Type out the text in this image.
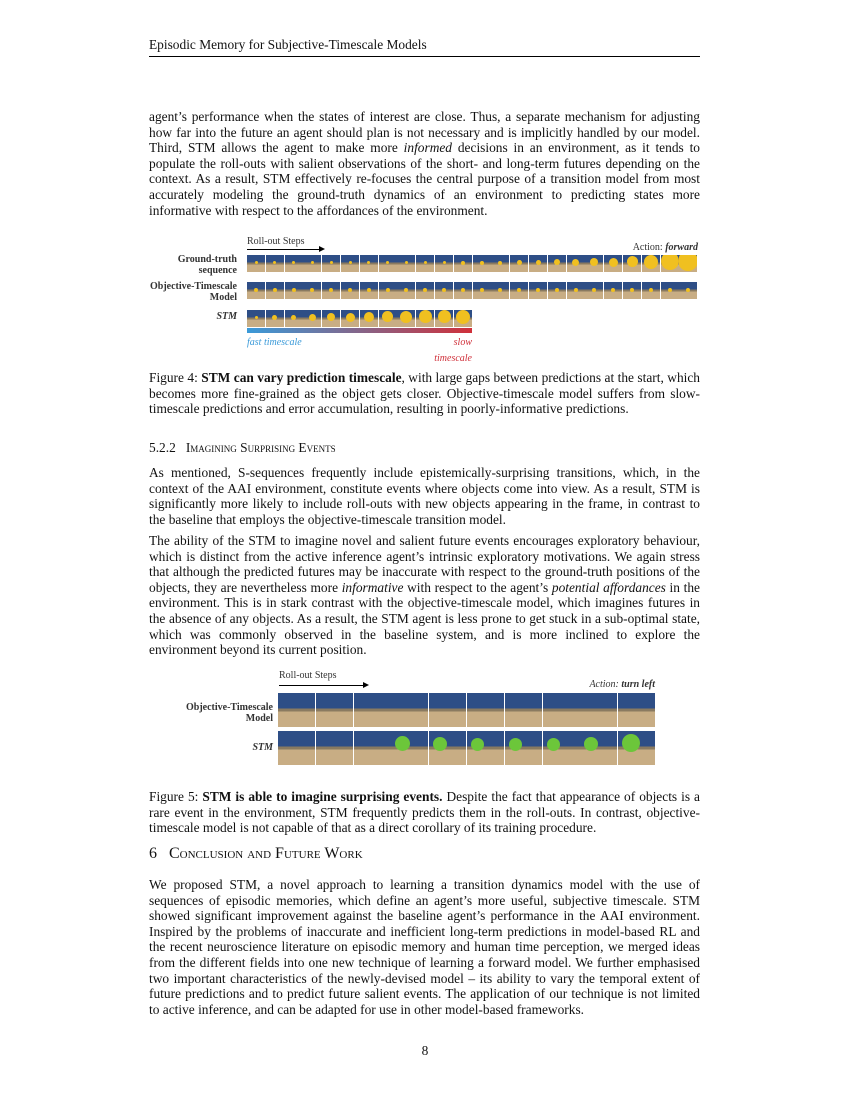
Episodic Memory for Subjective-Timescale Models

agent’s performance when the states of interest are close. Thus, a separate mechanism for adjusting how far into the future an agent should plan is not necessary and is implicitly handled by our model. Third, STM allows the agent to make more informed decisions in an environment, as it tends to populate the roll-outs with salient observations of the short- and long-term futures depending on the context. As a result, STM effectively re-focuses the central purpose of a transition model from most accurately modeling the ground-truth dynamics of an environment to predicting states more informative with respect to the affordances of the environment.

Roll-out Steps
Action: forward
Ground-truth sequence
Objective-Timescale Model
STM
fast timescale	slow timescale

Figure 4: STM can vary prediction timescale, with large gaps between predictions at the start, which becomes more fine-grained as the object gets closer. Objective-timescale model suffers from slow-timescale predictions and error accumulation, resulting in poorly-informative predictions.

5.2.2 Imagining Surprising Events

As mentioned, S-sequences frequently include epistemically-surprising transitions, which, in the context of the AAI environment, constitute events where objects come into view. As a result, STM is significantly more likely to include roll-outs with new objects appearing in the frame, in contrast to the baseline that employs the objective-timescale transition model.

The ability of the STM to imagine novel and salient future events encourages exploratory behaviour, which is distinct from the active inference agent’s intrinsic exploratory motivations. We again stress that although the predicted futures may be inaccurate with respect to the ground-truth positions of the objects, they are nevertheless more informative with respect to the agent’s potential affordances in the environment. This is in stark contrast with the objective-timescale model, which imagines futures in the absence of any objects. As a result, the STM agent is less prone to get stuck in a sub-optimal state, which was commonly observed in the baseline system, and is more inclined to explore the environment beyond its current position.

Roll-out Steps
Action: turn left
Objective-Timescale Model
STM

Figure 5: STM is able to imagine surprising events. Despite the fact that appearance of objects is a rare event in the environment, STM frequently predicts them in the roll-outs. In contrast, objective-timescale model is not capable of that as a direct corollary of its training procedure.

6 Conclusion and Future Work

We proposed STM, a novel approach to learning a transition dynamics model with the use of sequences of episodic memories, which define an agent’s more useful, subjective timescale. STM showed significant improvement against the baseline agent’s performance in the AAI environment. Inspired by the problems of inaccurate and inefficient long-term predictions in model-based RL and the recent neuroscience literature on episodic memory and human time perception, we merged ideas from the different fields into one new technique of learning a forward model. We further emphasised two important characteristics of the newly-devised model – its ability to vary the temporal extent of future predictions and to predict future salient events. The application of our technique is not limited to active inference, and can be adapted for use in other model-based frameworks.

8
